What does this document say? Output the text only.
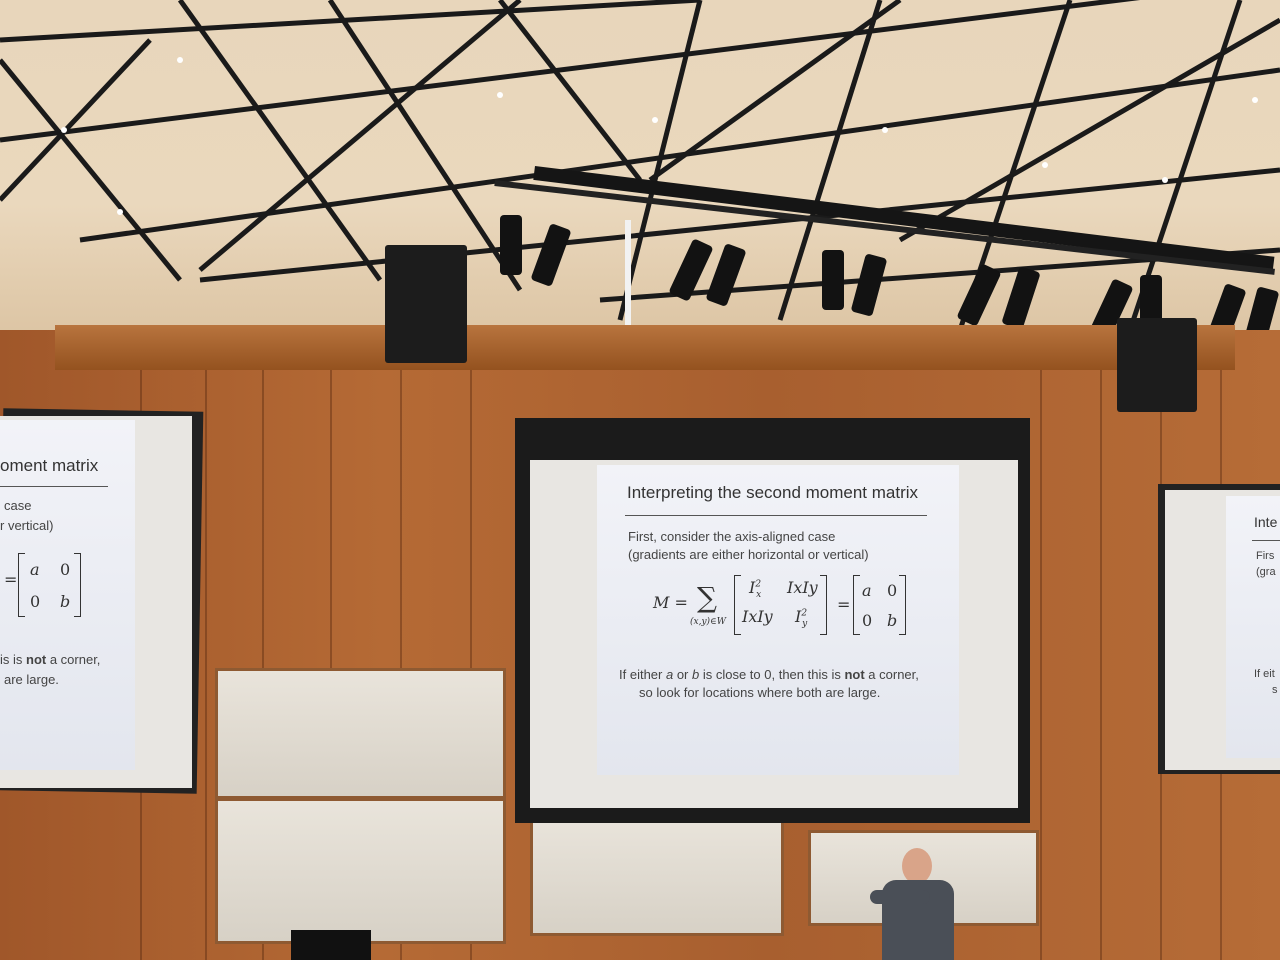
Interpreting the second moment matrix
First, consider the axis-aligned case
(gradients are either horizontal or vertical)
M = ∑
(x,y)∈W
$I^2_x$ IxIy
IxIy $I^2_y$
=
a 0
0 b
If either a or b is close to 0, then this is not a corner,
so look for locations where both are large.
oment matrix
case
r vertical)
=
a 0
0 b
is is not a corner,
are large.
Inte
Firs
(gra
If eit
s
